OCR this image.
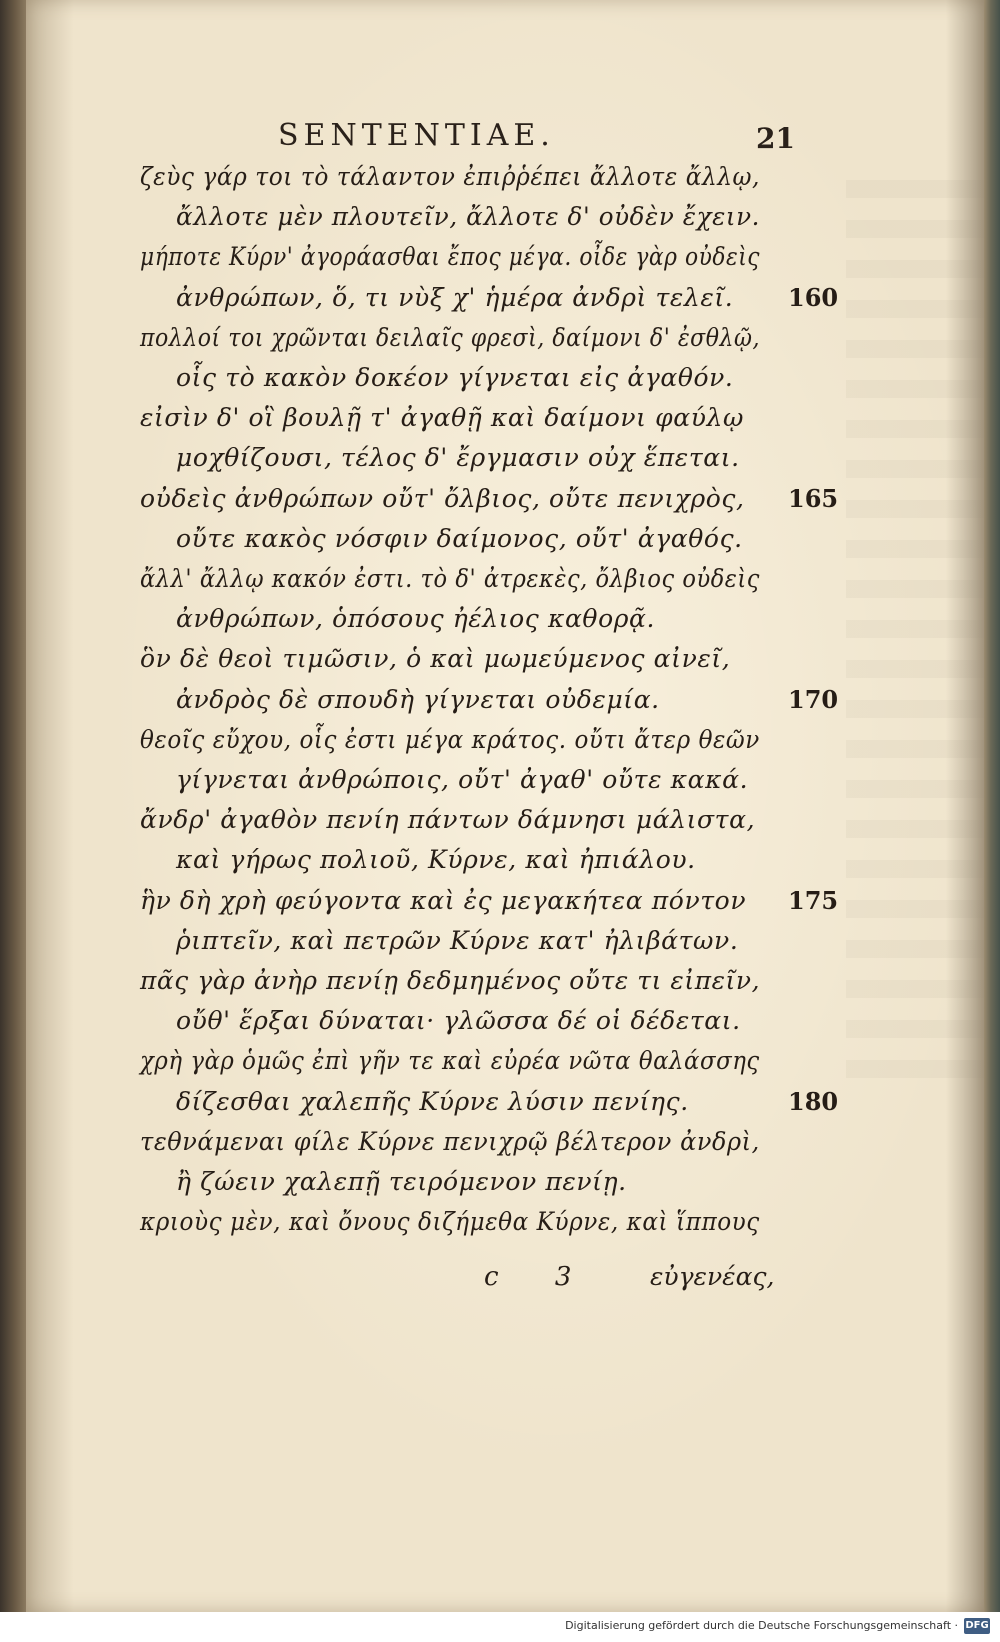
SENTENTIAE.	21
ζεὺς γάρ τοι τὸ τάλαντον ἐπιῤῥέπει ἄλλοτε ἄλλῳ,
ἄλλοτε μὲν πλουτεῖν, ἄλλοτε δ' οὐδὲν ἔχειν.
μήποτε Κύρν' ἀγοράασθαι ἔπος μέγα. οἶδε γὰρ οὐδεὶς
ἀνθρώπων, ὅ, τι νὺξ χ' ἡμέρα ἀνδρὶ τελεῖ. 160
πολλοί τοι χρῶνται δειλαῖς φρεσὶ, δαίμονι δ' ἐσθλῷ,
οἷς τὸ κακὸν δοκέον γίγνεται εἰς ἀγαθόν.
εἰσὶν δ' οἳ βουλῇ τ' ἀγαθῇ καὶ δαίμονι φαύλῳ
μοχθίζουσι, τέλος δ' ἔργμασιν οὐχ ἕπεται.
οὐδεὶς ἀνθρώπων οὔτ' ὄλβιος, οὔτε πενιχρὸς, 165
οὔτε κακὸς νόσφιν δαίμονος, οὔτ' ἀγαθός.
ἄλλ' ἄλλῳ κακόν ἐστι. τὸ δ' ἀτρεκὲς, ὄλβιος οὐδεὶς
ἀνθρώπων, ὁπόσους ἠέλιος καθορᾷ.
ὃν δὲ θεοὶ τιμῶσιν, ὁ καὶ μωμεύμενος αἰνεῖ,
ἀνδρὸς δὲ σπουδὴ γίγνεται οὐδεμία.	170
θεοῖς εὔχου, οἷς ἐστι μέγα κράτος. οὔτι ἄτερ θεῶν
γίγνεται ἀνθρώποις, οὔτ' ἀγαθ' οὔτε κακά.
ἄνδρ' ἀγαθὸν πενίη πάντων δάμνησι μάλιστα,
καὶ γήρως πολιοῦ, Κύρνε, καὶ ἠπιάλου.
ἣν δὴ χρὴ φεύγοντα καὶ ἐς μεγακήτεα πόντον 175
ῥιπτεῖν, καὶ πετρῶν Κύρνε κατ' ἠλιβάτων.
πᾶς γὰρ ἀνὴρ πενίῃ δεδμημένος οὔτε τι εἰπεῖν,
οὔθ' ἕρξαι δύναται· γλῶσσα δέ οἱ δέδεται.
χρὴ γὰρ ὁμῶς ἐπὶ γῆν τε καὶ εὐρέα νῶτα θαλάσσης
δίζεσθαι χαλεπῆς Κύρνε λύσιν πενίης.	180
τεθνάμεναι φίλε Κύρνε πενιχρῷ βέλτερον ἀνδρὶ,
ἢ ζώειν χαλεπῇ τειρόμενον πενίῃ.
κριοὺς μὲν, καὶ ὄνους διζήμεθα Κύρνε, καὶ ἵππους
c 3 εὐγενέας,
Digitalisierung gefördert durch die Deutsche Forschungsgemeinschaft · DFG
